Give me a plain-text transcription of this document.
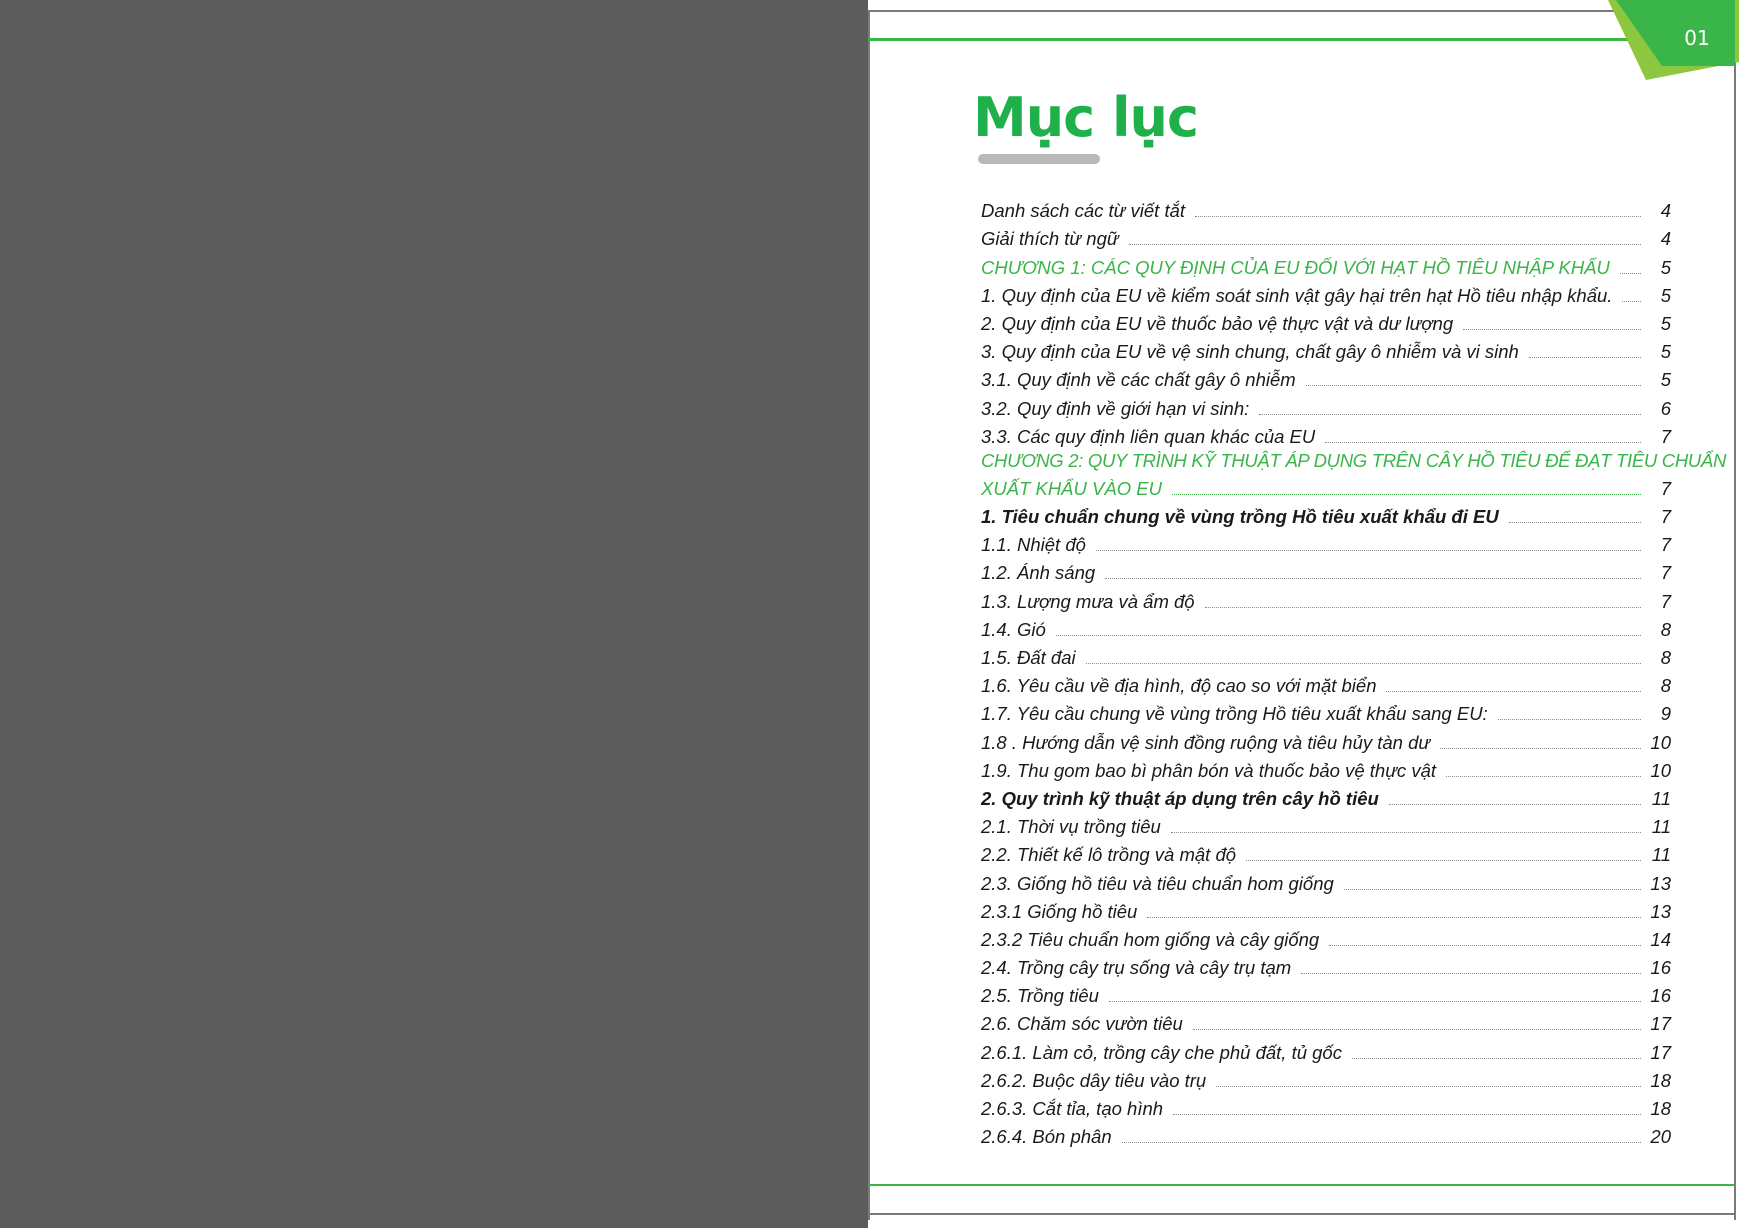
01
Mục lục
Danh sách các từ viết tắt	4
Giải thích từ ngữ	4
CHƯƠNG 1: CÁC QUY ĐỊNH CỦA EU ĐỐI VỚI HẠT HỒ TIÊU NHẬP KHẨU	5
1. Quy định của EU về kiểm soát sinh vật gây hại trên hạt Hồ tiêu nhập khẩu.	5
2. Quy định của EU về thuốc bảo vệ thực vật và dư lượng	5
3. Quy định của EU về vệ sinh chung, chất gây ô nhiễm và vi sinh	5
3.1. Quy định về các chất gây ô nhiễm	5
3.2. Quy định về giới hạn vi sinh:	6
3.3. Các quy định liên quan khác của EU	7
CHƯƠNG 2: QUY TRÌNH KỸ THUẬT ÁP DỤNG TRÊN CÂY HỒ TIÊU ĐỂ ĐẠT TIÊU CHUẨN
XUẤT KHẨU VÀO EU	7
1. Tiêu chuẩn chung về vùng trồng Hồ tiêu xuất khẩu đi EU	7
1.1. Nhiệt độ	7
1.2. Ánh sáng	7
1.3. Lượng mưa và ẩm độ	7
1.4. Gió	8
1.5. Đất đai	8
1.6. Yêu cầu về địa hình, độ cao so với mặt biển	8
1.7. Yêu cầu chung về vùng trồng Hồ tiêu xuất khẩu sang EU:	9
1.8 . Hướng dẫn vệ sinh đồng ruộng và tiêu hủy tàn dư	10
1.9. Thu gom bao bì phân bón và thuốc bảo vệ thực vật	10
2. Quy trình kỹ thuật áp dụng trên cây hồ tiêu	11
2.1. Thời vụ trồng tiêu	11
2.2. Thiết kế lô trồng và mật độ	11
2.3. Giống hồ tiêu và tiêu chuẩn hom giống	13
2.3.1 Giống hồ tiêu	13
2.3.2 Tiêu chuẩn hom giống và cây giống	14
2.4. Trồng cây trụ sống và cây trụ tạm	16
2.5. Trồng tiêu	16
2.6. Chăm sóc vườn tiêu	17
2.6.1. Làm cỏ, trồng cây che phủ đất, tủ gốc	17
2.6.2. Buộc dây tiêu vào trụ	18
2.6.3. Cắt tỉa, tạo hình	18
2.6.4. Bón phân	20
